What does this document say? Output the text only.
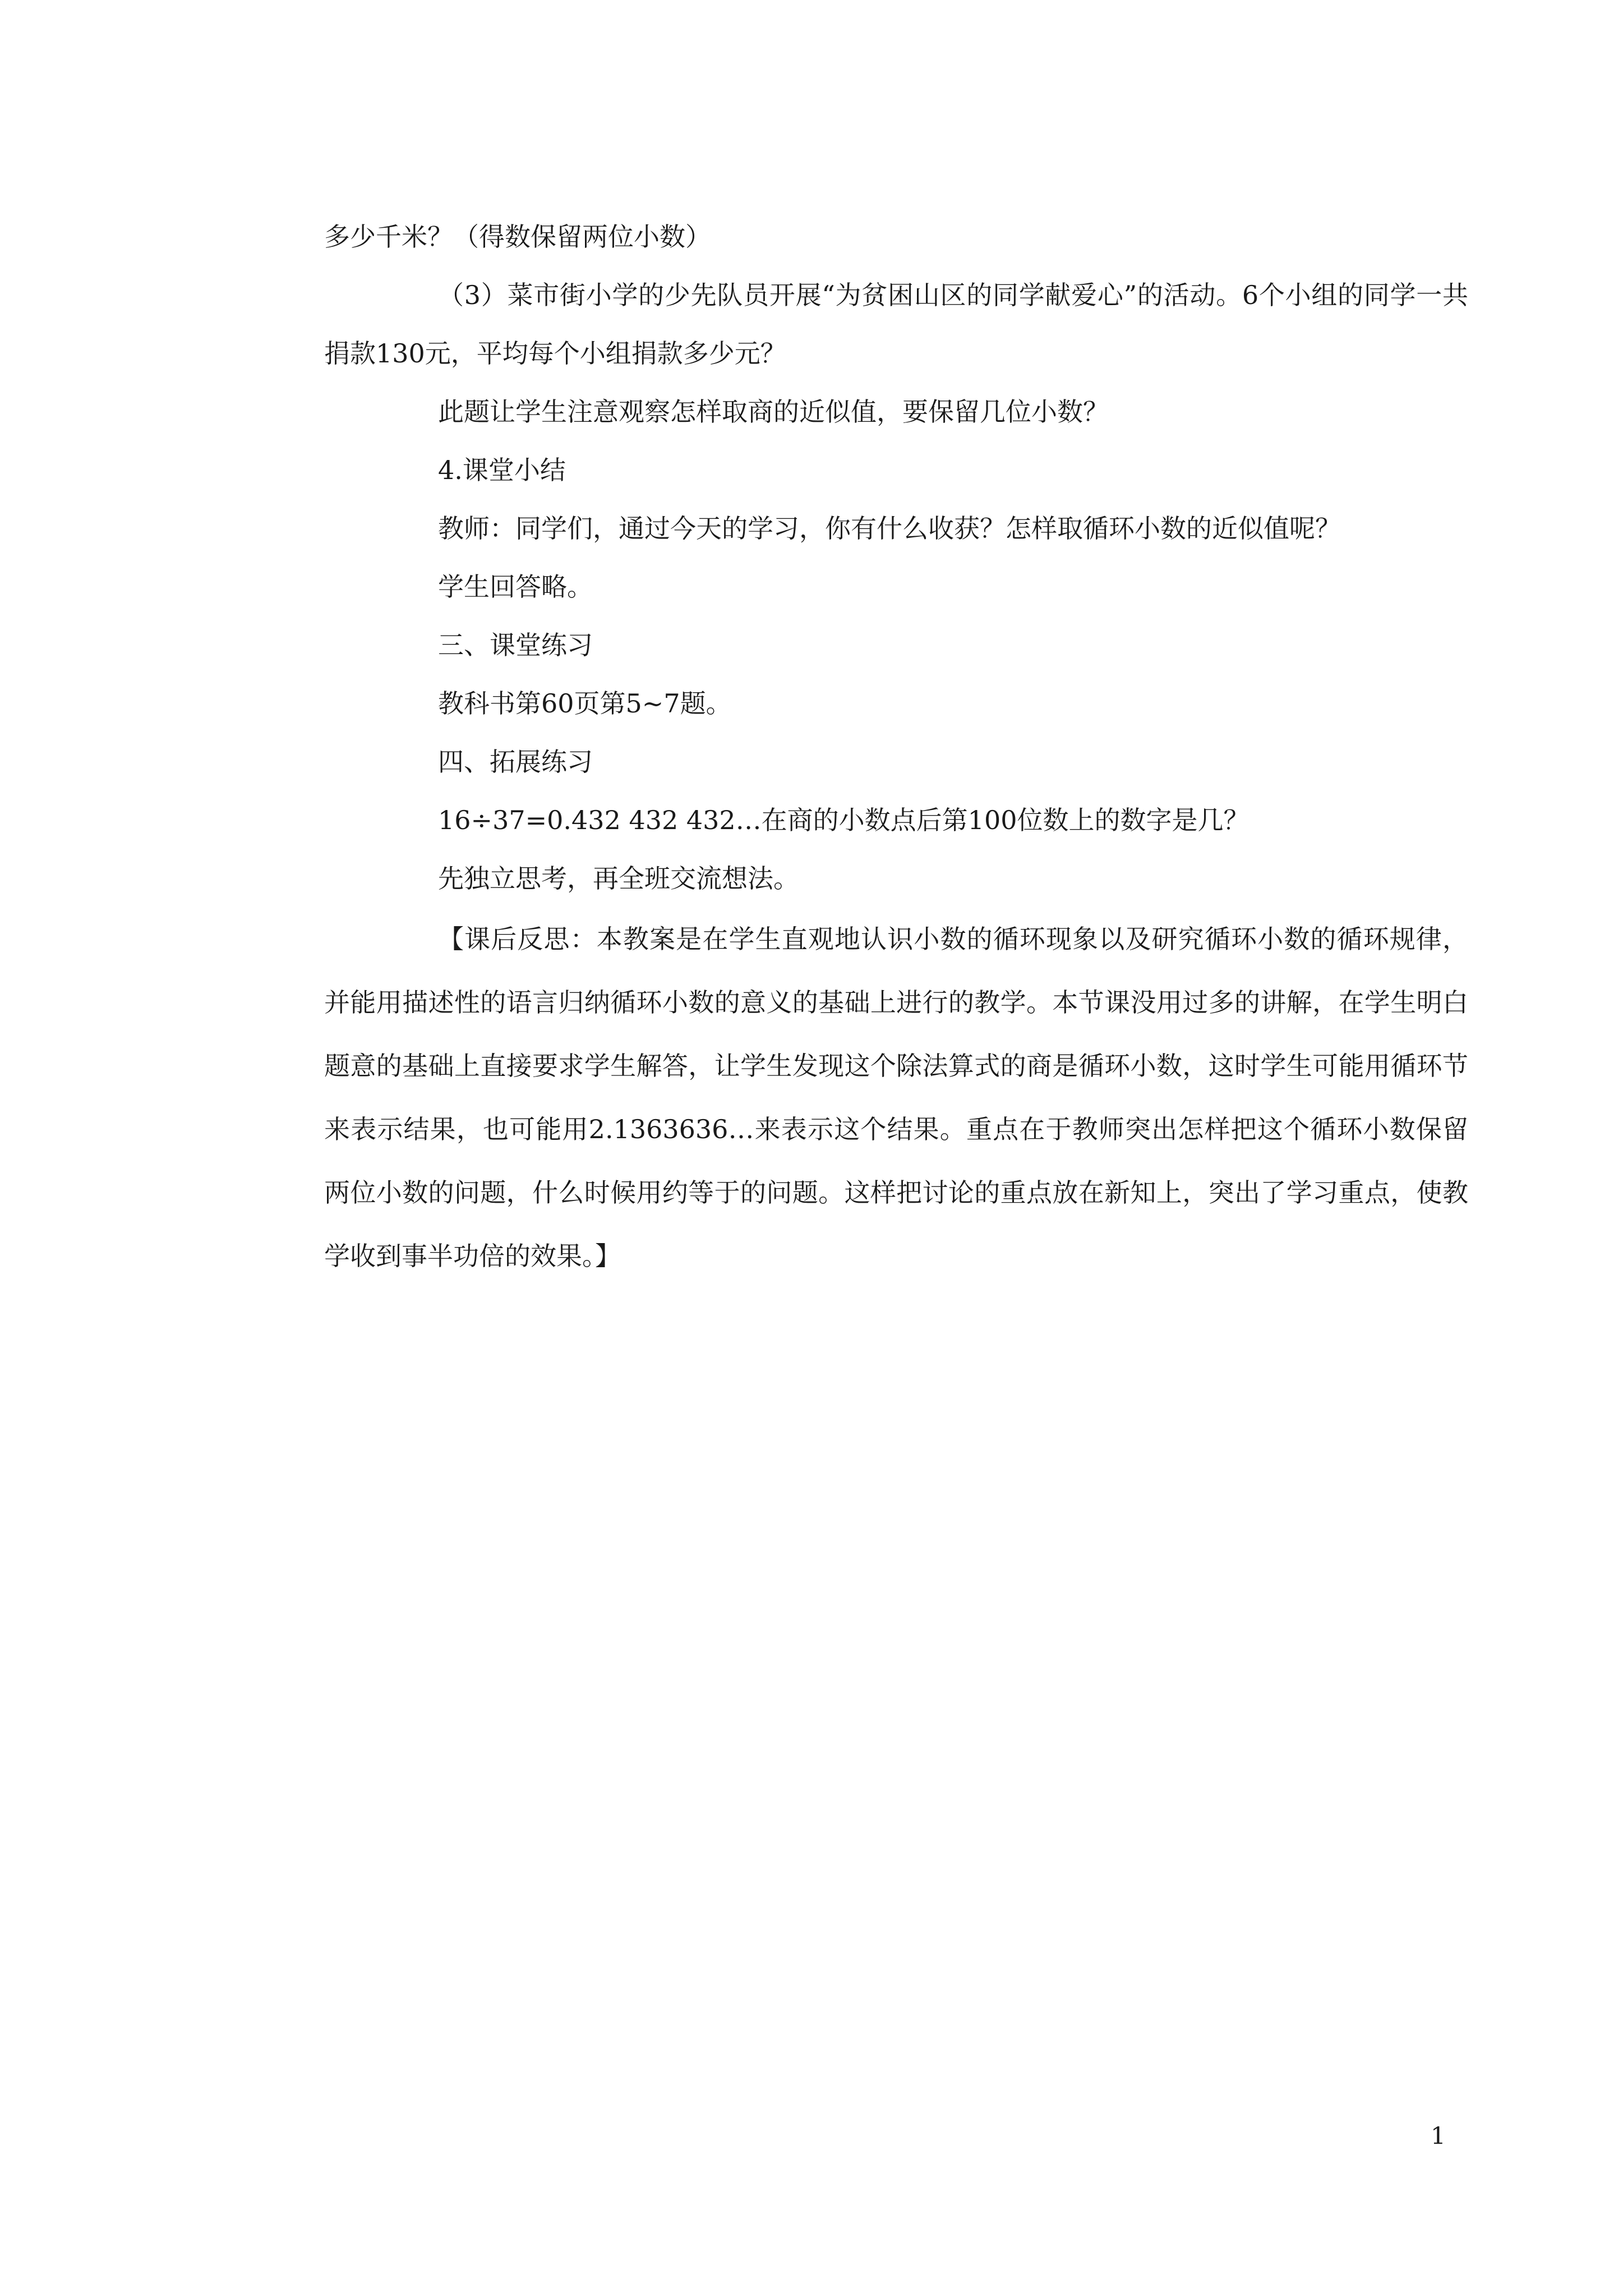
多少千米？（得数保留两位小数）

（3）菜市街小学的少先队员开展“为贫困山区的同学献爱心”的活动。6个小组的同学一共捐款130元，平均每个小组捐款多少元？

此题让学生注意观察怎样取商的近似值，要保留几位小数？

4.课堂小结

教师：同学们，通过今天的学习，你有什么收获？怎样取循环小数的近似值呢？

学生回答略。

三、课堂练习

教科书第60页第5~7题。

四、拓展练习

16÷37=0.432 432 432…在商的小数点后第100位数上的数字是几？

先独立思考，再全班交流想法。

【课后反思：本教案是在学生直观地认识小数的循环现象以及研究循环小数的循环规律，并能用描述性的语言归纳循环小数的意义的基础上进行的教学。本节课没用过多的讲解，在学生明白题意的基础上直接要求学生解答，让学生发现这个除法算式的商是循环小数，这时学生可能用循环节来表示结果，也可能用2.1363636…来表示这个结果。重点在于教师突出怎样把这个循环小数保留两位小数的问题，什么时候用约等于的问题。这样把讨论的重点放在新知上，突出了学习重点，使教学收到事半功倍的效果。】

1
